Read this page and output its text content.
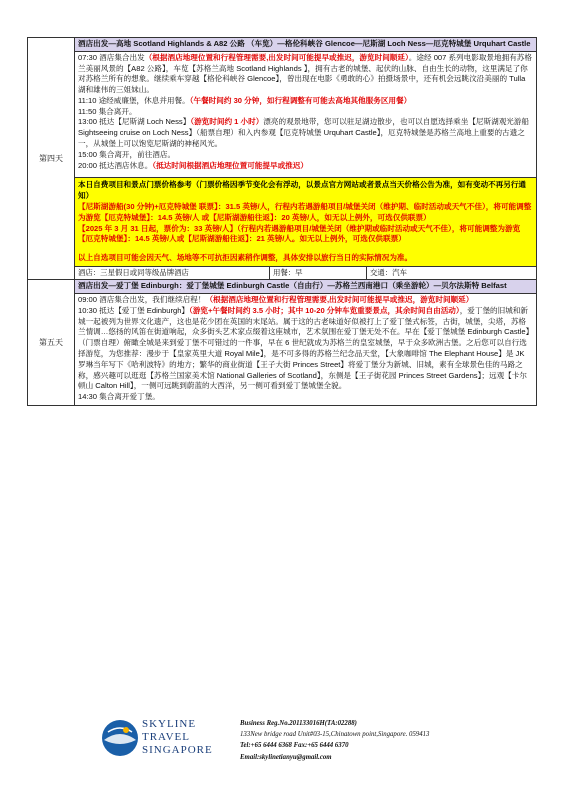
第四天
酒店出发—高地 Scotland Highlands & A82 公路 （车览）—格伦科峡谷 Glencoe—尼斯湖 Loch Ness—厄克特城堡 Urquhart Castle
07:30 酒店集合出发（根据酒店地理位置和行程管理需要,出发时间可能提早或推迟，游览时间顺延）。途经 007 系列电影取景地拥有苏格兰美丽风景的【A82 公路】，车览【苏格兰高地 Scotland Highlands 】，拥有古老的城堡、起伏的山脉、自由生长的动物，这里满足了你对苏格兰所有的想象。继续乘车穿越【格伦科峡谷 Glencoe】，曾出现在电影《勇敢的心》拍摄场景中，还有机会远眺汶沿美丽的 Tulla 湖和雄伟的三姐妹山。
11:10 途经威廉堡，休息并用餐。（午餐时间约 30 分钟，如行程调整有可能去高地其他服务区用餐）
11:50 集合离开。
13:00 抵达【尼斯湖 Loch Ness】（游览时间约 1 小时）漂亮的观景地带，您可以驻足湖边散步，也可以自愿选择乘坐【尼斯湖观光游船 Sightseeing cruise on Loch Ness】（船票自理）和入内参观【厄克特城堡 Urquhart Castle】，厄克特城堡是苏格兰高地上重要的古遗之一，从城堡上可以饱览尼斯湖的神秘风光。
15:00 集合离开，前往酒店。
20:00 抵达酒店休息。（抵达时间根据酒店地理位置可能提早或推迟）
本日自费项目和景点门票价格参考（门票价格因季节变化会有浮动，以景点官方网站或者景点当天价格公告为准，如有变动不再另行通知）
【尼斯湖游船(30 分钟)+厄克特城堡 联票】：31.5 英镑/人，行程内若遇游船项目/城堡关闭（维护期、临时活动或天气不佳），将可能调整为游览【厄克特城堡】：14.5 英镑/人 或【尼斯湖游船往返】：20 英镑/人，如无以上例外，可选仅供联票）
【2025 年 3 月 31 日起，票价为：33 英镑/人】（行程内若遇游船项目/城堡关闭（维护期或临时活动或天气不佳），将可能调整为游览【厄克特城堡】：14.5 英镑/人或【尼斯湖游船往返】：21 英镑/人。如无以上例外，可选仅供联票）
以上自选项目可能会因天气、场地等不可抗拒因素稍作调整，具体安排以旅行当日的实际情况为准。
酒店：三星假日或同等级品牌酒店	用餐：早	交通：汽车
第五天
酒店出发—爱丁堡 Edinburgh：爱丁堡城堡 Edinburgh Castle（自由行）—苏格兰西南港口（乘坐游轮）—贝尔法斯特 Belfast
09:00 酒店集合出发，我们继续启程！（根据酒店地理位置和行程管理需要,出发时间可能提早或推迟，游览时间顺延）
10:30 抵达【爱丁堡 Edinburgh】（游览+午餐时间约 3.5 小时；其中 10-20 分钟车览重要景点，其余时间自由活动），爱丁堡的旧城和新城一起被列为世界文化遗产，这也是花少团在英国的末尾站。属于这的古老味道好似被打上了爱丁堡式标签，古街，城堡，尖塔，苏格兰情调…悠扬的风笛在街道响起，众多街头艺术家点缀着这座城市，艺术氛围在爱丁堡无处不在。早在【爱丁堡城堡 Edinburgh Castle】（门票自理）俯瞰全城是来到爱丁堡不可错过的一件事，早在 6 世纪就成为苏格兰的皇室城堡，早于众多欧洲古堡。之后您可以自行选择游览，为您推荐：漫步于【皇家英里大道 Royal Mile】，是不可多得的苏格兰纪念品天堂，【大象咖啡馆 The Elephant House】是 JK 罗琳当年写下《哈利波特》的地方；繁华的商业街道【王子大街 Princes Street】将爱丁堡分为新城、旧城，素有全球景色佳的马路之称，感兴趣可以逛逛【苏格兰国家美术馆 National Galleries of Scotland】，东侧是【王子街花园 Princes Street Gardens】；远观【卡尔顿山 Calton Hill】，一侧可远眺到蔚蓝的大西洋，另一侧可看到爱丁堡城堡全貌。
14:30 集合离开爱丁堡。
SKYLINE
TRAVEL
SINGAPORE
Business Reg.No.201133016H(TA:02288)
133New bridge road Unit#03-15,Chinatown point,Singapore. 059413
Tel:+65 6444 6368 Fax:+65 6444 6370
Email:skylinetianyu@gmail.com
